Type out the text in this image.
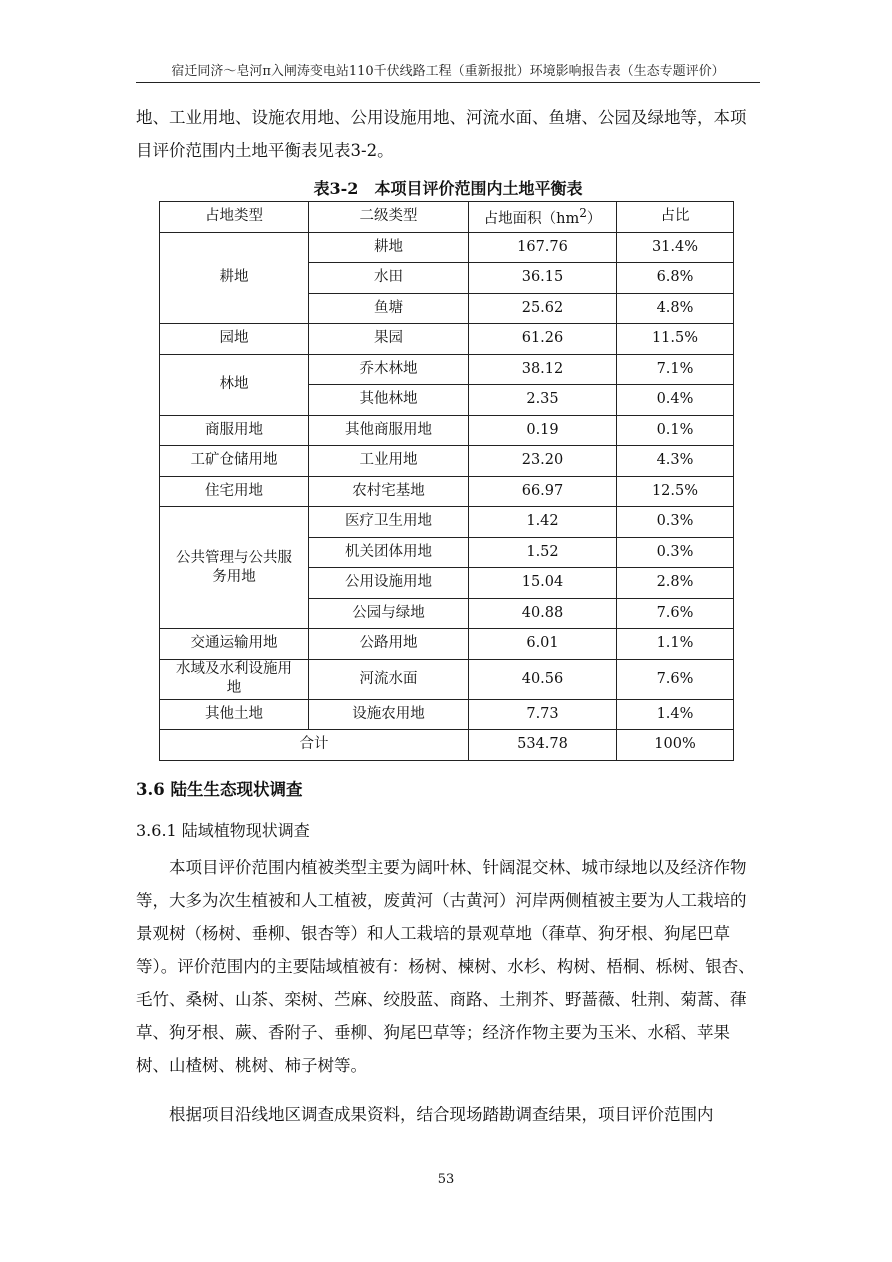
宿迁同济～皂河π入闸涛变电站110千伏线路工程（重新报批）环境影响报告表（生态专题评价）

地、工业用地、设施农用地、公用设施用地、河流水面、鱼塘、公园及绿地等，本项目评价范围内土地平衡表见表3-2。

表3-2　本项目评价范围内土地平衡表
占地类型	二级类型	占地面积$(hm^2)$	占比
耕地	耕地	167.76	31.4%
	水田	36.15	6.8%
	鱼塘	25.62	4.8%
园地	果园	61.26	11.5%
林地	乔木林地	38.12	7.1%
	其他林地	2.35	0.4%
商服用地	其他商服用地	0.19	0.1%
工矿仓储用地	工业用地	23.20	4.3%
住宅用地	农村宅基地	66.97	12.5%
公共管理与公共服务用地	医疗卫生用地	1.42	0.3%
	机关团体用地	1.52	0.3%
	公用设施用地	15.04	2.8%
	公园与绿地	40.88	7.6%
交通运输用地	公路用地	6.01	1.1%
水域及水利设施用地	河流水面	40.56	7.6%
其他土地	设施农用地	7.73	1.4%
合计		534.78	100%
3.6 陆生生态现状调查
3.6.1 陆域植物现状调查

本项目评价范围内植被类型主要为阔叶林、针阔混交林、城市绿地以及经济作物等，大多为次生植被和人工植被，废黄河（古黄河）河岸两侧植被主要为人工栽培的景观树（杨树、垂柳、银杏等）和人工栽培的景观草地（葎草、狗牙根、狗尾巴草等）。评价范围内的主要陆域植被有：杨树、楝树、水杉、构树、梧桐、栎树、银杏、毛竹、桑树、山茶、栾树、苎麻、绞股蓝、商路、土荆芥、野蔷薇、牡荆、菊蒿、葎草、狗牙根、蕨、香附子、垂柳、狗尾巴草等；经济作物主要为玉米、水稻、苹果树、山楂树、桃树、柿子树等。

根据项目沿线地区调查成果资料，结合现场踏勘调查结果，项目评价范围内

53
